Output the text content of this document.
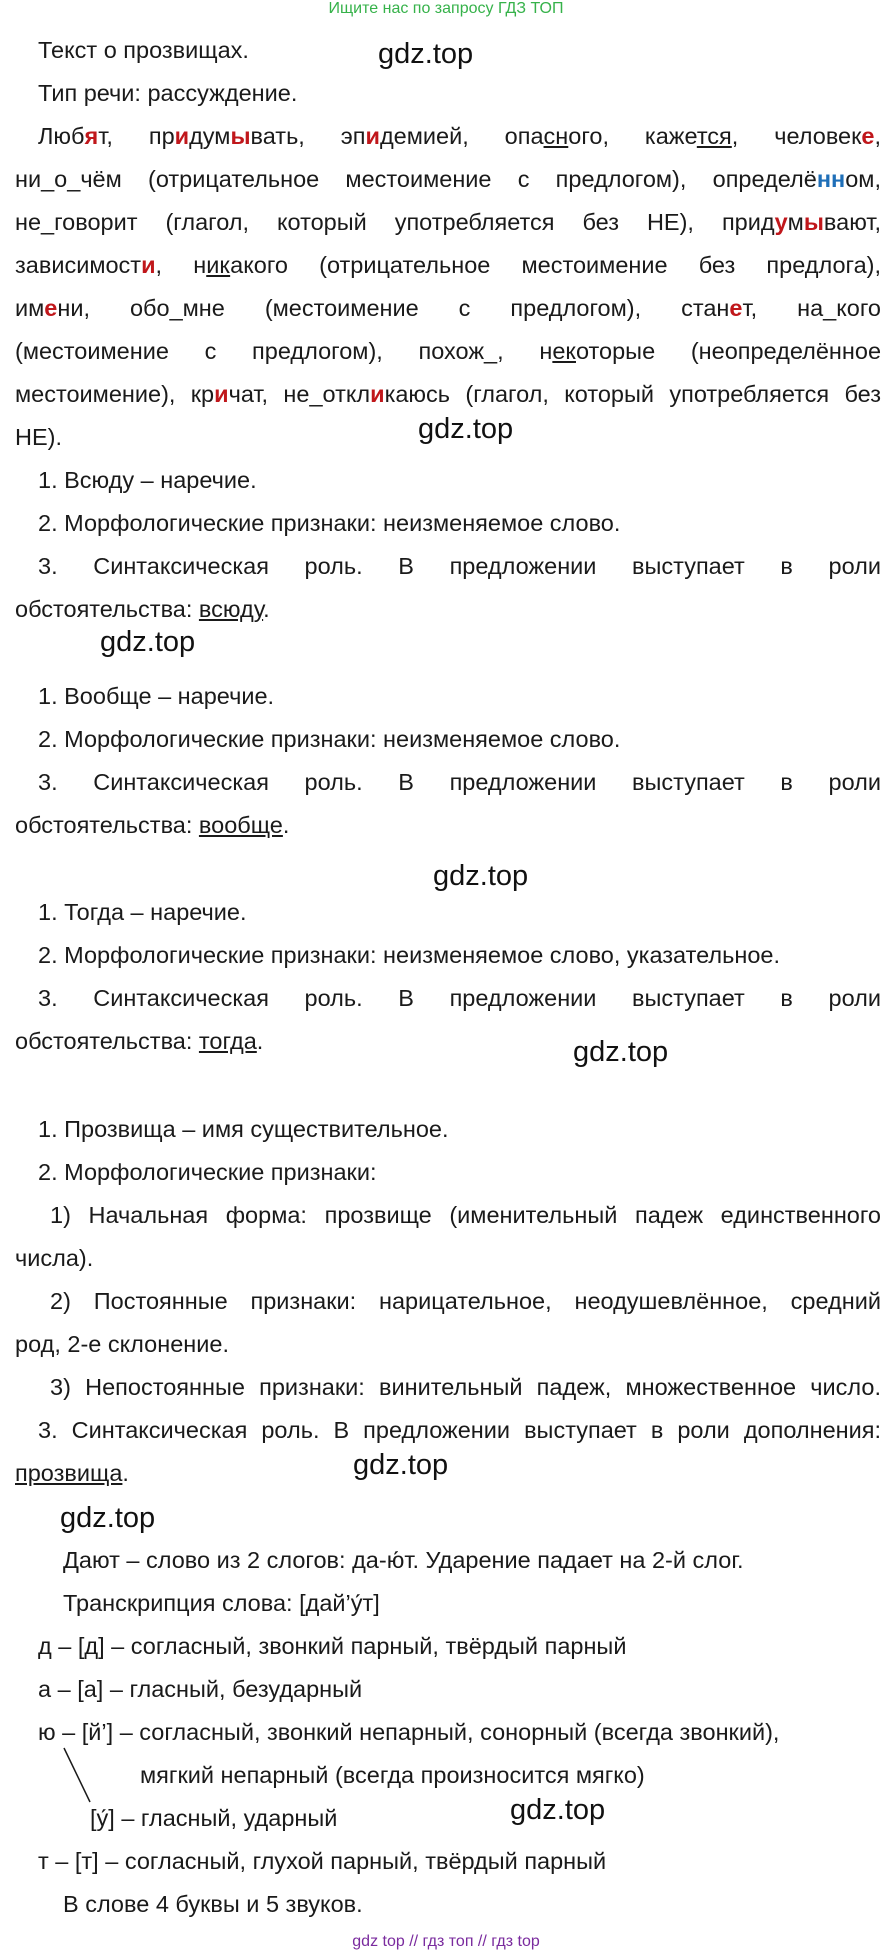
Ищите нас по запросу ГДЗ ТОП
Текст о прозвищах.
Тип речи: рассуждение.
Любят, придумывать, эпидемией, опасного, кажется, человеке,
ни_о_чём (отрицательное местоимение с предлогом), определённом,
не_говорит (глагол, который употребляется без НЕ), придумывают,
зависимости, никакого (отрицательное местоимение без предлога),
имени, обо_мне (местоимение с предлогом), станет, на_кого
(местоимение с предлогом), похож_, некоторые (неопределённое
местоимение), кричат, не_откликаюсь (глагол, который употребляется без
НЕ).
1. Всюду – наречие.
2. Морфологические признаки: неизменяемое слово.
3. Синтаксическая роль. В предложении выступает в роли
обстоятельства: всюду.
1. Вообще – наречие.
2. Морфологические признаки: неизменяемое слово.
3. Синтаксическая роль. В предложении выступает в роли
обстоятельства: вообще.
1. Тогда – наречие.
2. Морфологические признаки: неизменяемое слово, указательное.
3. Синтаксическая роль. В предложении выступает в роли
обстоятельства: тогда.
1. Прозвища – имя существительное.
2. Морфологические признаки:
1) Начальная форма: прозвище (именительный падеж единственного
числа).
2) Постоянные признаки: нарицательное, неодушевлённое, средний
род, 2-е склонение.
3) Непостоянные признаки: винительный падеж, множественное число.
3. Синтаксическая роль. В предложении выступает в роли дополнения:
прозвища.
Дают – слово из 2 слогов: да-ю́т. Ударение падает на 2-й слог.
Транскрипция слова: [дай’у́т]
д – [д] – согласный, звонкий парный, твёрдый парный
а – [а] – гласный, безударный
ю – [й’] – согласный, звонкий непарный, сонорный (всегда звонкий),
мягкий непарный (всегда произносится мягко)
[у́] – гласный, ударный
т – [т] – согласный, глухой парный, твёрдый парный
В слове 4 буквы и 5 звуков.
gdz.top
gdz.top
gdz.top
gdz.top
gdz.top
gdz.top
gdz.top
gdz.top
gdz top // гдз топ // гдз top
